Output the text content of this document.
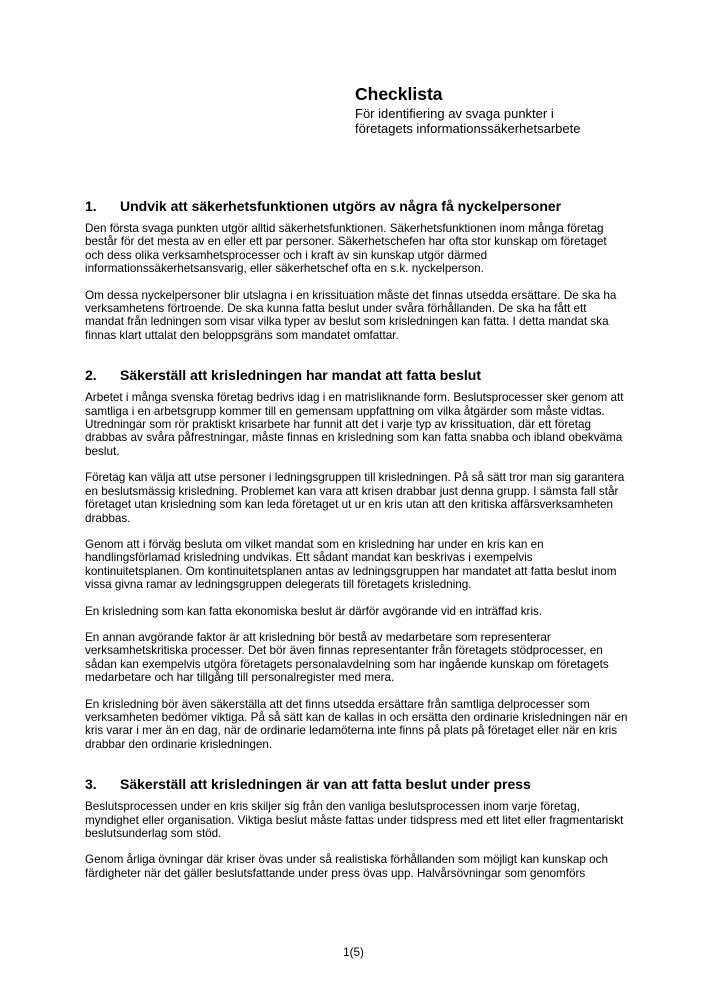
Checklista
För identifiering av svaga punkter i
företagets informationssäkerhetsarbete
1.	Undvik att säkerhetsfunktionen utgörs av några få nyckelpersoner

Den första svaga punkten utgör alltid säkerhetsfunktionen. Säkerhetsfunktionen inom många företag består för det mesta av en eller ett par personer. Säkerhetschefen har ofta stor kunskap om företaget och dess olika verksamhetsprocesser och i kraft av sin kunskap utgör därmed informationssäkerhetsansvarig, eller säkerhetschef ofta en s.k. nyckelperson.

Om dessa nyckelpersoner blir utslagna i en krissituation måste det finnas utsedda ersättare. De ska ha verksamhetens förtroende. De ska kunna fatta beslut under svåra förhållanden. De ska ha fått ett mandat från ledningen som visar vilka typer av beslut som krisledningen kan fatta. I detta mandat ska finnas klart uttalat den beloppsgräns som mandatet omfattar.

2.	Säkerställ att krisledningen har mandat att fatta beslut

Arbetet i många svenska företag bedrivs idag i en matrisliknande form. Beslutsprocesser sker genom att samtliga i en arbetsgrupp kommer till en gemensam uppfattning om vilka åtgärder som måste vidtas. Utredningar som rör praktiskt krisarbete har funnit att det i varje typ av krissituation, där ett företag drabbas av svåra påfrestningar, måste finnas en krisledning som kan fatta snabba och ibland obekväma beslut.

Företag kan välja att utse personer i ledningsgruppen till krisledningen. På så sätt tror man sig garantera en beslutsmässig krisledning. Problemet kan vara att krisen drabbar just denna grupp. I sämsta fall står företaget utan krisledning som kan leda företaget ut ur en kris utan att den kritiska affärsverksamheten drabbas.

Genom att i förväg besluta om vilket mandat som en krisledning har under en kris kan en handlingsförlamad krisledning undvikas. Ett sådant mandat kan beskrivas i exempelvis kontinuitetsplanen. Om kontinuitetsplanen antas av ledningsgruppen har mandatet att fatta beslut inom vissa givna ramar av ledningsgruppen delegerats till företagets krisledning.

En krisledning som kan fatta ekonomiska beslut är därför avgörande vid en inträffad kris.

En annan avgörande faktor är att krisledning bör bestå av medarbetare som representerar verksamhetskritiska processer. Det bör även finnas representanter från företagets stödprocesser, en sådan kan exempelvis utgöra företagets personalavdelning som har ingående kunskap om företagets medarbetare och har tillgång till personalregister med mera.

En krisledning bör även säkerställa att det finns utsedda ersättare från samtliga delprocesser som verksamheten bedömer viktiga. På så sätt kan de kallas in och ersätta den ordinarie krisledningen när en kris varar i mer än en dag, när de ordinarie ledamöterna inte finns på plats på företaget eller när en kris drabbar den ordinarie krisledningen.

3.	Säkerställ att krisledningen är van att fatta beslut under press

Beslutsprocessen under en kris skiljer sig från den vanliga beslutsprocessen inom varje företag, myndighet eller organisation. Viktiga beslut måste fattas under tidspress med ett litet eller fragmentariskt beslutsunderlag som stöd.

Genom årliga övningar där kriser övas under så realistiska förhållanden som möjligt kan kunskap och färdigheter när det gäller beslutsfattande under press övas upp. Halvårsövningar som genomförs

1(5)
